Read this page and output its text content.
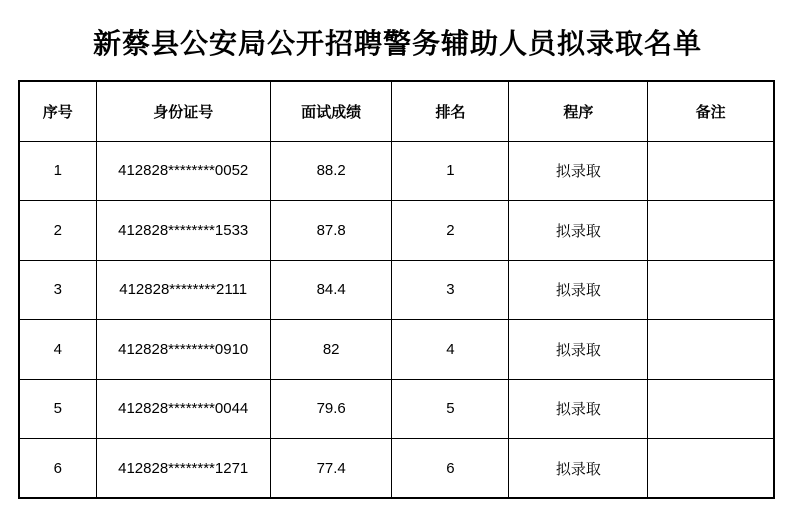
新蔡县公安局公开招聘警务辅助人员拟录取名单
序号	身份证号	面试成绩	排名	程序	备注
1	412828********0052	88.2	1	拟录取	
2	412828********1533	87.8	2	拟录取	
3	412828********2111	84.4	3	拟录取	
4	412828********0910	82	4	拟录取	
5	412828********0044	79.6	5	拟录取	
6	412828********1271	77.4	6	拟录取	
